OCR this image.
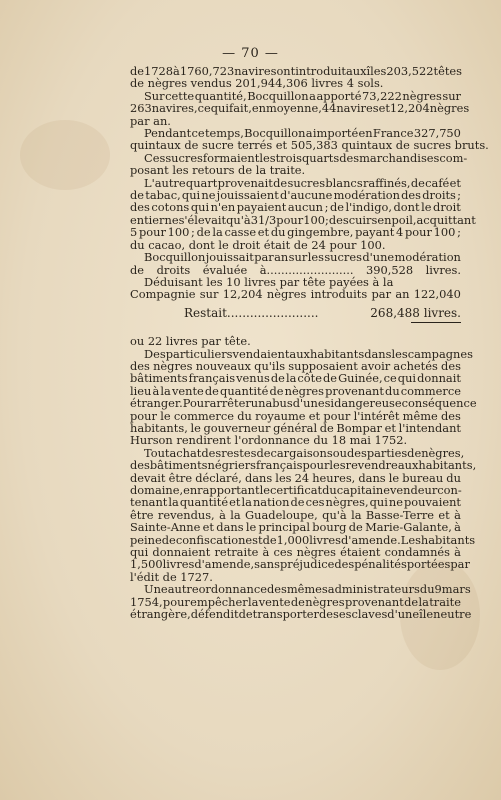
— 70 —
de 1728 à 1760, 723 navires ont introduit aux îles 203,522 têtes
de nègres vendus 201,944,306 livres 4 sols.
Sur cette quantité, Bocquillon a apporté 73,222 nègres sur
263 navires, ce qui fait, en moyenne, 44 navires et 12,204 nègres
par an.
Pendant ce temps, Bocquillon a importé en France 327,750
quintaux de sucre terrés et 505,383 quintaux de sucres bruts.
Ces sucres formaient les trois quarts des marchandises com-
posant les retours de la traite.
L'autre quart provenait de sucres blancs raffinés, de café et
de tabac, qui ne jouissaient d'aucune modération des droits ;
des cotons qui n'en payaient aucun ; de l'indigo, dont le droit
entier ne s'élevait qu'à 3 1/3 pour 100; des cuirs en poil, acquittant
5 pour 100 ; de la casse et du gingembre, payant 4 pour 100 ;
du cacao, dont le droit était de 24 pour 100.
Bocquillon jouissait par an sur les sucres d'une modération
de droits évaluée à........................ 390,528 livres.
Déduisant les 10 livres par tête payées à la
Compagnie sur 12,204 nègres introduits par an 122,040
Restait........................	268,488 livres.
ou 22 livres par tête.
Des particuliers vendaient aux habitants dans les campagnes
des nègres nouveaux qu'ils supposaient avoir achetés des
bâtiments français venus de la côte de Guinée, ce qui donnait
lieu à la vente de quantité de nègres provenant du commerce
étranger. Pour arrêter un abus d'une si dangereuse conséquence
pour le commerce du royaume et pour l'intérêt même des
habitants, le gouverneur général de Bompar et l'intendant
Hurson rendirent l'ordonnance du 18 mai 1752.
Tout achat des restes de cargaisons ou des parties de nègres,
des bâtiments négriers français pour les revendre aux habitants,
devait être déclaré, dans les 24 heures, dans le bureau du
domaine, en rapportant le certificat du capitaine vendeur con-
tenant la quantité et la nation de ces nègres, qui ne pouvaient
être revendus, à la Guadeloupe, qu'à la Basse-Terre et à
Sainte-Anne et dans le principal bourg de Marie-Galante, à
peine de confiscation est de 1,000 livres d'amende. Les habitants
qui donnaient retraite à ces nègres étaient condamnés à
1,500 livres d'amende, sans préjudice des pénalités portées par
l'édit de 1727.
Une autre ordonnance des mêmes administrateurs du 9 mars
1754, pour empêcher la vente de nègres provenant de la traite
étrangère, défendit de transporter des esclaves d'une île neutre
